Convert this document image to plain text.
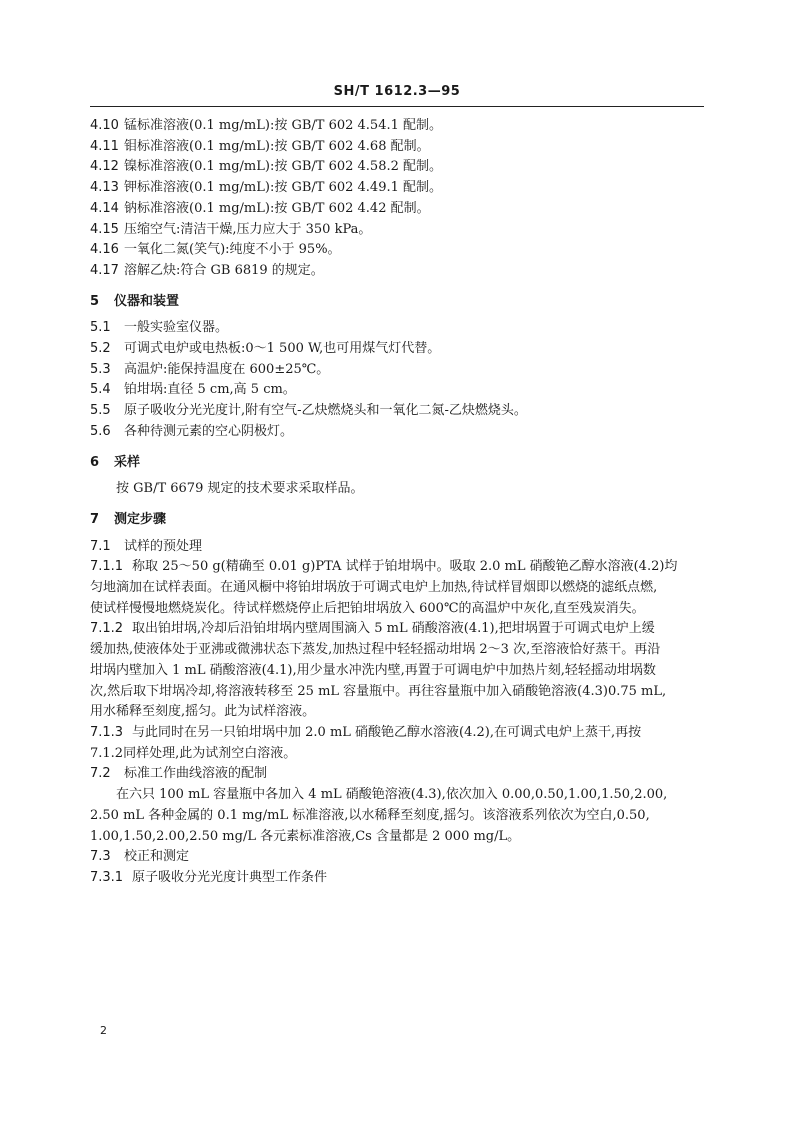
SH/T 1612.3—95
4.10 锰标准溶液(0.1 mg/mL):按 GB/T 602 4.54.1 配制。
4.11 钼标准溶液(0.1 mg/mL):按 GB/T 602 4.68 配制。
4.12 镍标准溶液(0.1 mg/mL):按 GB/T 602 4.58.2 配制。
4.13 钾标准溶液(0.1 mg/mL):按 GB/T 602 4.49.1 配制。
4.14 钠标准溶液(0.1 mg/mL):按 GB/T 602 4.42 配制。
4.15 压缩空气:清洁干燥,压力应大于 350 kPa。
4.16 一氧化二氮(笑气):纯度不小于 95%。
4.17 溶解乙炔:符合 GB 6819 的规定。
5 仪器和装置
5.1 一般实验室仪器。
5.2 可调式电炉或电热板:0～1 500 W,也可用煤气灯代替。
5.3 高温炉:能保持温度在 600±25℃。
5.4 铂坩埚:直径 5 cm,高 5 cm。
5.5 原子吸收分光光度计,附有空气-乙炔燃烧头和一氧化二氮-乙炔燃烧头。
5.6 各种待测元素的空心阴极灯。
6 采样
按 GB/T 6679 规定的技术要求采取样品。
7 测定步骤
7.1 试样的预处理
7.1.1 称取 25～50 g(精确至 0.01 g)PTA 试样于铂坩埚中。吸取 2.0 mL 硝酸铯乙醇水溶液(4.2)均
匀地滴加在试样表面。在通风橱中将铂坩埚放于可调式电炉上加热,待试样冒烟即以燃烧的滤纸点燃,
使试样慢慢地燃烧炭化。待试样燃烧停止后把铂坩埚放入 600℃的高温炉中灰化,直至残炭消失。
7.1.2 取出铂坩埚,冷却后沿铂坩埚内壁周围滴入 5 mL 硝酸溶液(4.1),把坩埚置于可调式电炉上缓
缓加热,使液体处于亚沸或微沸状态下蒸发,加热过程中轻轻摇动坩埚 2～3 次,至溶液恰好蒸干。再沿
坩埚内壁加入 1 mL 硝酸溶液(4.1),用少量水冲洗内壁,再置于可调电炉中加热片刻,轻轻摇动坩埚数
次,然后取下坩埚冷却,将溶液转移至 25 mL 容量瓶中。再往容量瓶中加入硝酸铯溶液(4.3)0.75 mL,
用水稀释至刻度,摇匀。此为试样溶液。
7.1.3 与此同时在另一只铂坩埚中加 2.0 mL 硝酸铯乙醇水溶液(4.2),在可调式电炉上蒸干,再按
7.1.2同样处理,此为试剂空白溶液。
7.2 标准工作曲线溶液的配制
在六只 100 mL 容量瓶中各加入 4 mL 硝酸铯溶液(4.3),依次加入 0.00,0.50,1.00,1.50,2.00,
2.50 mL 各种金属的 0.1 mg/mL 标准溶液,以水稀释至刻度,摇匀。该溶液系列依次为空白,0.50,
1.00,1.50,2.00,2.50 mg/L 各元素标准溶液,Cs 含量都是 2 000 mg/L。
7.3 校正和测定
7.3.1 原子吸收分光光度计典型工作条件
2
